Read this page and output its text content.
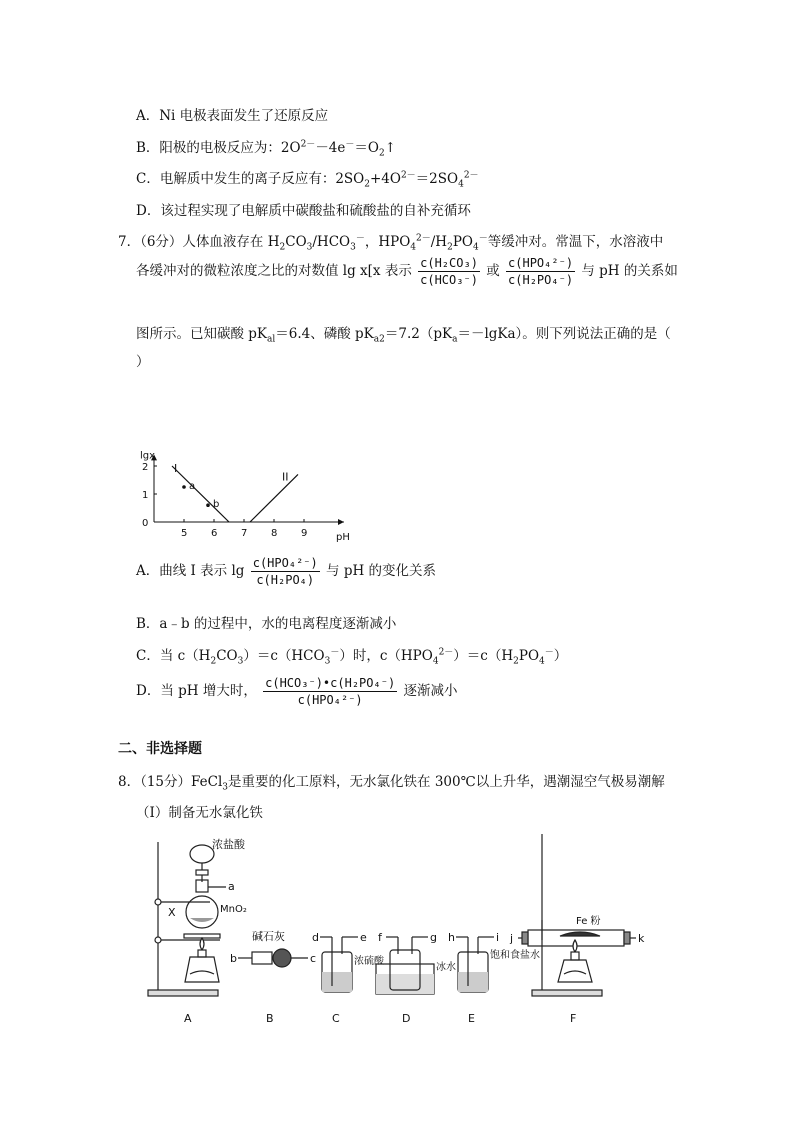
A．Ni 电极表面发生了还原反应
B．阳极的电极反应为：$2O^{2-}-4e^-=O_2↑$
C．电解质中发生的离子反应有：$2SO_2+4O^{2-}=2SO_4^{2-}$
D．该过程实现了电解质中碳酸盐和硫酸盐的自补充循环
7．（6分）人体血液存在 $H_2CO_3/HCO_3^-$，$HPO_4^{2-}/H_2PO_4^-$等缓冲对。常温下，水溶液中
各缓冲对的微粒浓度之比的对数值 lg x[x 表示 $\frac{\text{c(H₂CO₃)}}{\text{c(HCO₃⁻)}}$ 或 $\frac{\text{c(HPO₄²⁻)}}{\text{c(H₂PO₄⁻)}}$ 与 pH 的关系如
图所示。已知碳酸 $pK_{al}=6.4$、磷酸 $pK_{a2}=7.2(pK_a=-lgKa)$。则下列说法正确的是（
）
lgx
pH
5 6 7 8 9
0
1
2 I
II
a
b
A．曲线 I 表示 $\lg \frac{\text{c(HPO₄²⁻)}}{\text{c(H₂PO₄)}}$ 与 pH 的变化关系
B．a﹣b 的过程中，水的电离程度逐渐减小
C．当 $c(H_2CO_3)=c(HCO_3^-)$时，$c(HPO_4^{2-})=c(H_2PO_4^-)$
D．当 pH 增大时， $\frac{\text{c(HCO₃⁻)•c(H₂PO₄⁻)}}{\text{c(HPO₄²⁻)}}$ 逐渐减小
二、非选择题
8．（15分）FeCl$_3$是重要的化工原料，无水氯化铁在 300℃以上升华，遇潮湿空气极易潮解
（I）制备无水氯化铁
浓盐酸
a
X	MnO₂
A
碱石灰
b	c
B
d	e
浓硫酸
C
f	g
冰水
D
h	i
饱和食盐水
E
Fe 粉
j	k
F
